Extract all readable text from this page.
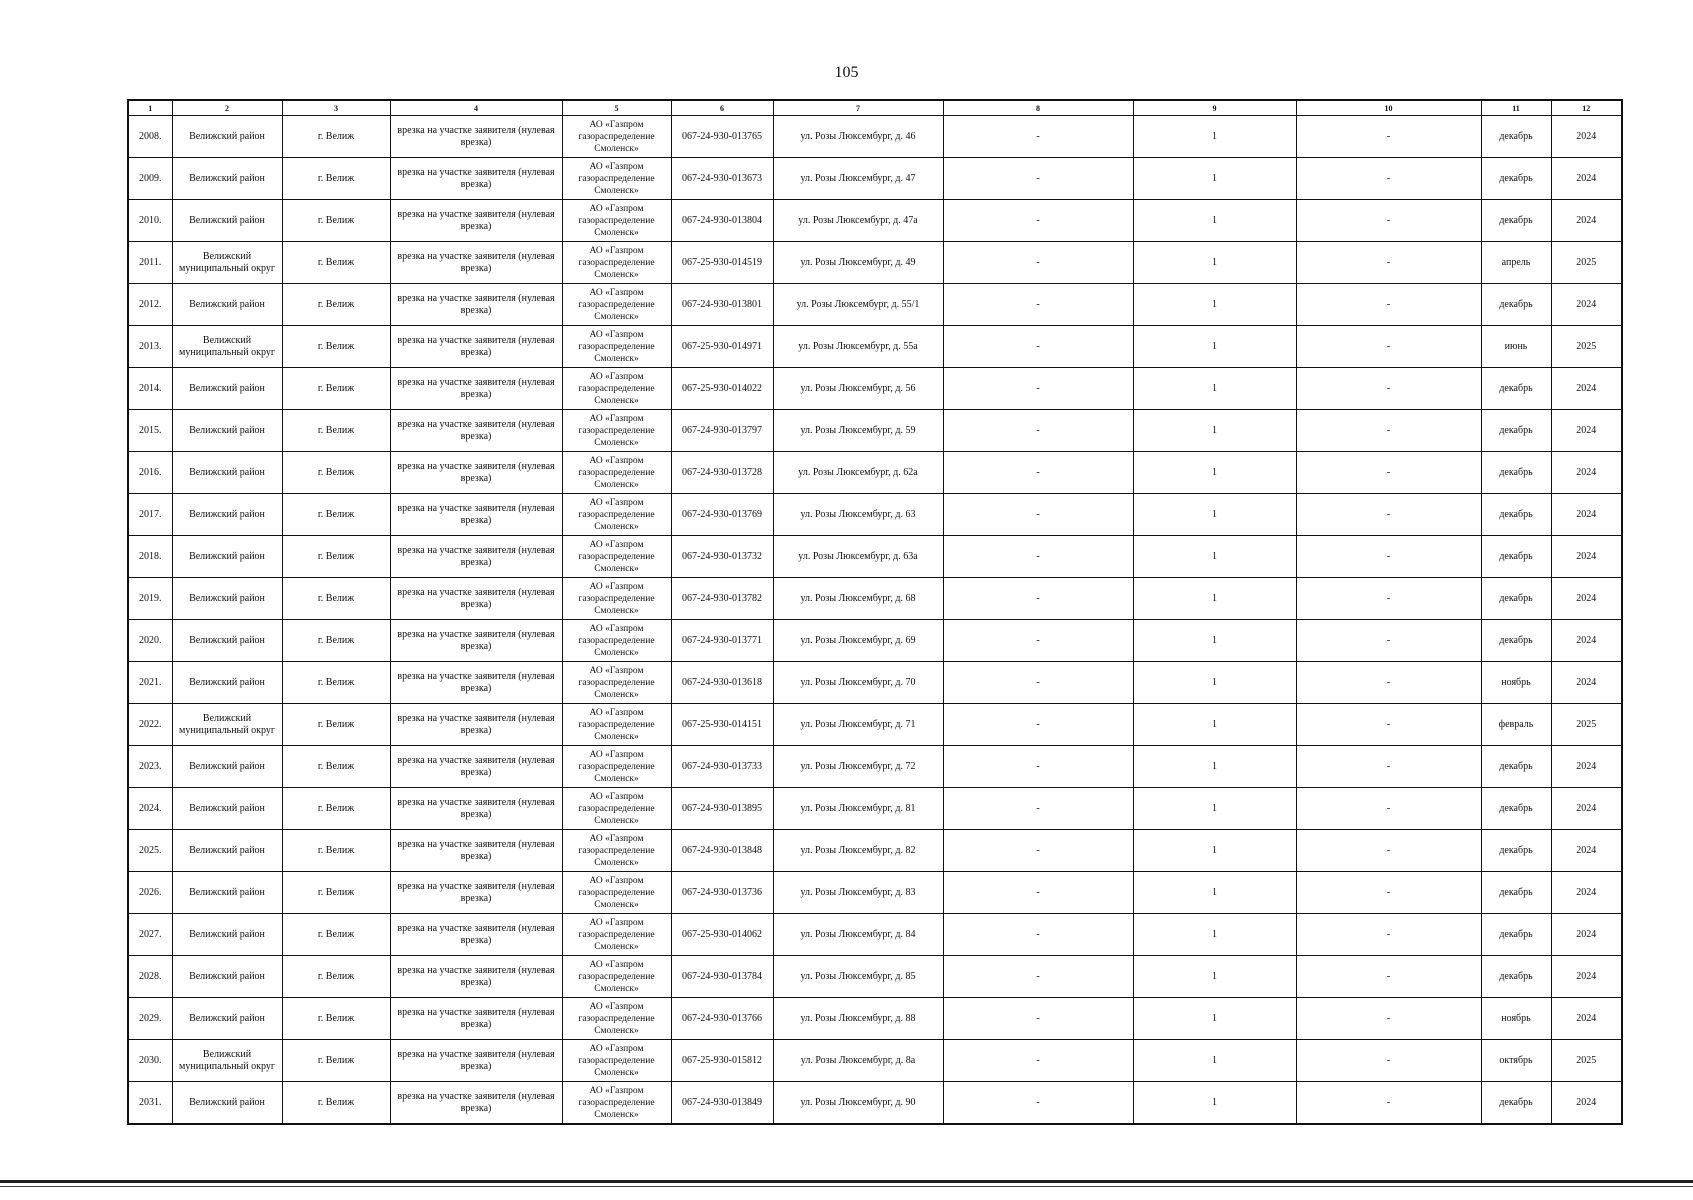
105
1	2	3	4	5	6	7	8	9	10	11	12
2008.	Велижский район	г. Велиж	врезка на участке заявителя (нулевая врезка)	АО «Газпром газораспределение Смоленск»	067-24-930-013765	ул. Розы Люксембург, д. 46	-	1	-	декабрь	2024
2009.	Велижский район	г. Велиж	врезка на участке заявителя (нулевая врезка)	АО «Газпром газораспределение Смоленск»	067-24-930-013673	ул. Розы Люксембург, д. 47	-	1	-	декабрь	2024
2010.	Велижский район	г. Велиж	врезка на участке заявителя (нулевая врезка)	АО «Газпром газораспределение Смоленск»	067-24-930-013804	ул. Розы Люксембург, д. 47а	-	1	-	декабрь	2024
2011.	Велижский муниципальный округ	г. Велиж	врезка на участке заявителя (нулевая врезка)	АО «Газпром газораспределение Смоленск»	067-25-930-014519	ул. Розы Люксембург, д. 49	-	1	-	апрель	2025
2012.	Велижский район	г. Велиж	врезка на участке заявителя (нулевая врезка)	АО «Газпром газораспределение Смоленск»	067-24-930-013801	ул. Розы Люксембург, д. 55/1	-	1	-	декабрь	2024
2013.	Велижский муниципальный округ	г. Велиж	врезка на участке заявителя (нулевая врезка)	АО «Газпром газораспределение Смоленск»	067-25-930-014971	ул. Розы Люксембург, д. 55а	-	1	-	июнь	2025
2014.	Велижский район	г. Велиж	врезка на участке заявителя (нулевая врезка)	АО «Газпром газораспределение Смоленск»	067-25-930-014022	ул. Розы Люксембург, д. 56	-	1	-	декабрь	2024
2015.	Велижский район	г. Велиж	врезка на участке заявителя (нулевая врезка)	АО «Газпром газораспределение Смоленск»	067-24-930-013797	ул. Розы Люксембург, д. 59	-	1	-	декабрь	2024
2016.	Велижский район	г. Велиж	врезка на участке заявителя (нулевая врезка)	АО «Газпром газораспределение Смоленск»	067-24-930-013728	ул. Розы Люксембург, д. 62а	-	1	-	декабрь	2024
2017.	Велижский район	г. Велиж	врезка на участке заявителя (нулевая врезка)	АО «Газпром газораспределение Смоленск»	067-24-930-013769	ул. Розы Люксембург, д. 63	-	1	-	декабрь	2024
2018.	Велижский район	г. Велиж	врезка на участке заявителя (нулевая врезка)	АО «Газпром газораспределение Смоленск»	067-24-930-013732	ул. Розы Люксембург, д. 63а	-	1	-	декабрь	2024
2019.	Велижский район	г. Велиж	врезка на участке заявителя (нулевая врезка)	АО «Газпром газораспределение Смоленск»	067-24-930-013782	ул. Розы Люксембург, д. 68	-	1	-	декабрь	2024
2020.	Велижский район	г. Велиж	врезка на участке заявителя (нулевая врезка)	АО «Газпром газораспределение Смоленск»	067-24-930-013771	ул. Розы Люксембург, д. 69	-	1	-	декабрь	2024
2021.	Велижский район	г. Велиж	врезка на участке заявителя (нулевая врезка)	АО «Газпром газораспределение Смоленск»	067-24-930-013618	ул. Розы Люксембург, д. 70	-	1	-	ноябрь	2024
2022.	Велижский муниципальный округ	г. Велиж	врезка на участке заявителя (нулевая врезка)	АО «Газпром газораспределение Смоленск»	067-25-930-014151	ул. Розы Люксембург, д. 71	-	1	-	февраль	2025
2023.	Велижский район	г. Велиж	врезка на участке заявителя (нулевая врезка)	АО «Газпром газораспределение Смоленск»	067-24-930-013733	ул. Розы Люксембург, д. 72	-	1	-	декабрь	2024
2024.	Велижский район	г. Велиж	врезка на участке заявителя (нулевая врезка)	АО «Газпром газораспределение Смоленск»	067-24-930-013895	ул. Розы Люксембург, д. 81	-	1	-	декабрь	2024
2025.	Велижский район	г. Велиж	врезка на участке заявителя (нулевая врезка)	АО «Газпром газораспределение Смоленск»	067-24-930-013848	ул. Розы Люксембург, д. 82	-	1	-	декабрь	2024
2026.	Велижский район	г. Велиж	врезка на участке заявителя (нулевая врезка)	АО «Газпром газораспределение Смоленск»	067-24-930-013736	ул. Розы Люксембург, д. 83	-	1	-	декабрь	2024
2027.	Велижский район	г. Велиж	врезка на участке заявителя (нулевая врезка)	АО «Газпром газораспределение Смоленск»	067-25-930-014062	ул. Розы Люксембург, д. 84	-	1	-	декабрь	2024
2028.	Велижский район	г. Велиж	врезка на участке заявителя (нулевая врезка)	АО «Газпром газораспределение Смоленск»	067-24-930-013784	ул. Розы Люксембург, д. 85	-	1	-	декабрь	2024
2029.	Велижский район	г. Велиж	врезка на участке заявителя (нулевая врезка)	АО «Газпром газораспределение Смоленск»	067-24-930-013766	ул. Розы Люксембург, д. 88	-	1	-	ноябрь	2024
2030.	Велижский муниципальный округ	г. Велиж	врезка на участке заявителя (нулевая врезка)	АО «Газпром газораспределение Смоленск»	067-25-930-015812	ул. Розы Люксембург, д. 8а	-	1	-	октябрь	2025
2031.	Велижский район	г. Велиж	врезка на участке заявителя (нулевая врезка)	АО «Газпром газораспределение Смоленск»	067-24-930-013849	ул. Розы Люксембург, д. 90	-	1	-	декабрь	2024
